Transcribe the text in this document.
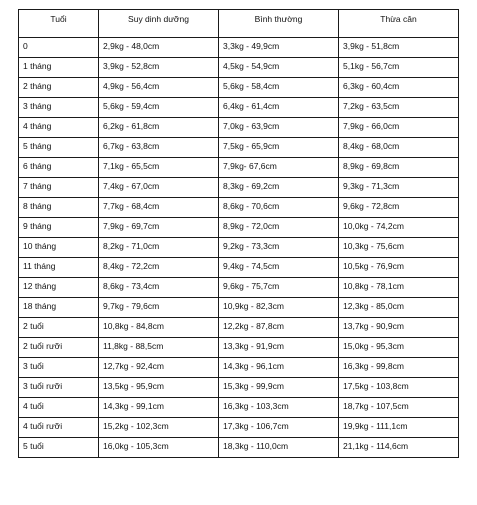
Tuổi	Suy dinh dưỡng	Bình thường	Thừa cân
0	2,9kg - 48,0cm	3,3kg - 49,9cm	3,9kg - 51,8cm
1 tháng	3,9kg - 52,8cm	4,5kg - 54,9cm	5,1kg - 56,7cm
2 tháng	4,9kg - 56,4cm	5,6kg - 58,4cm	6,3kg - 60,4cm
3 tháng	5,6kg - 59,4cm	6,4kg - 61,4cm	7,2kg - 63,5cm
4 tháng	6,2kg - 61,8cm	7,0kg - 63,9cm	7,9kg - 66,0cm
5 tháng	6,7kg - 63,8cm	7,5kg - 65,9cm	8,4kg - 68,0cm
6 tháng	7,1kg - 65,5cm	7,9kg- 67,6cm	8,9kg - 69,8cm
7 tháng	7,4kg - 67,0cm	8,3kg - 69,2cm	9,3kg - 71,3cm
8 tháng	7,7kg - 68,4cm	8,6kg - 70,6cm	9,6kg - 72,8cm
9 tháng	7,9kg - 69,7cm	8,9kg - 72,0cm	10,0kg - 74,2cm
10 tháng	8,2kg - 71,0cm	9,2kg - 73,3cm	10,3kg - 75,6cm
11 tháng	8,4kg - 72,2cm	9,4kg - 74,5cm	10,5kg - 76,9cm
12 tháng	8,6kg - 73,4cm	9,6kg - 75,7cm	10,8kg - 78,1cm
18 tháng	9,7kg - 79,6cm	10,9kg - 82,3cm	12,3kg - 85,0cm
2 tuổi	10,8kg - 84,8cm	12,2kg - 87,8cm	13,7kg - 90,9cm
2 tuổi rưỡi	11,8kg - 88,5cm	13,3kg - 91,9cm	15,0kg - 95,3cm
3 tuổi	12,7kg - 92,4cm	14,3kg - 96,1cm	16,3kg - 99,8cm
3 tuổi rưỡi	13,5kg - 95,9cm	15,3kg - 99,9cm	17,5kg - 103,8cm
4 tuổi	14,3kg - 99,1cm	16,3kg - 103,3cm	18,7kg - 107,5cm
4 tuổi rưỡi	15,2kg - 102,3cm	17,3kg - 106,7cm	19,9kg - 111,1cm
5 tuổi	16,0kg - 105,3cm	18,3kg - 110,0cm	21,1kg - 114,6cm
